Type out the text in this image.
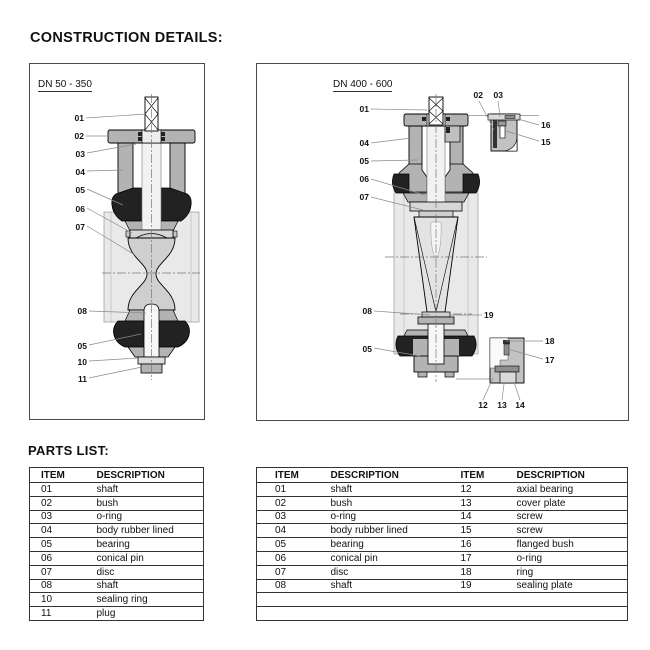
CONSTRUCTION DETAILS:
DN 50 - 350
01
02
03
04
05
06
07
08
05
10
11
DN 400 - 600
01
02 03
16
15
04
05
06
07
08	19
05
18
17
12 13 14
PARTS LIST:
ITEM	DESCRIPTION
01	shaft
02	bush
03	o-ring
04	body rubber lined
05	bearing
06	conical pin
07	disc
08	shaft
10	sealing ring
11	plug
ITEM	DESCRIPTION	ITEM	DESCRIPTION
01	shaft	12	axial bearing
02	bush	13	cover plate
03	o-ring	14	screw
04	body rubber lined	15	screw
05	bearing	16	flanged bush
06	conical pin	17	o-ring
07	disc	18	ring
08	shaft	19	sealing plate
